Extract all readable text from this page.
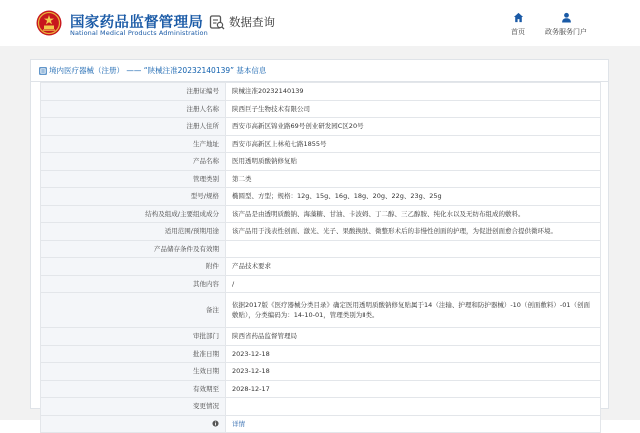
国家药品监督管理局
National Medical Products Administration
数据查询
首页	政务服务门户
境内医疗器械（注册） —— “陕械注准20232140139” 基本信息
注册证编号	陕械注准20232140139
注册人名称	陕西巨子生物技术有限公司
注册人住所	西安市高新区锦业路69号创业研发园C区20号
生产地址	西安市高新区上林苑七路1855号
产品名称	医用透明质酸钠修复贴
管理类别	第二类
型号/规格	椭圆型、方型；规格：12g、15g、16g、18g、20g、22g、23g、25g
结构及组成/主要组成成分	该产品是由透明质酸钠、海藻糖、甘油、卡波姆、丁二醇、三乙醇胺、纯化水以及无纺布组成的敷料。
适用范围/预期用途	该产品用于浅表性创面、激光、光子、果酸换肤、微整形术后的非慢性创面的护理，为促进创面愈合提供微环境。
产品储存条件及有效期	
附件	产品技术要求
其他内容	/
备注	依据2017版《医疗器械分类目录》确定医用透明质酸钠修复贴属于14（注输、护理和防护器械）-10（创面敷料）-01（创面敷贴），分类编码为：14-10-01，管理类别为Ⅱ类。
审批部门	陕西省药品监督管理局
批准日期	2023-12-18
生效日期	2023-12-18
有效期至	2028-12-17
变更情况	
	详情
